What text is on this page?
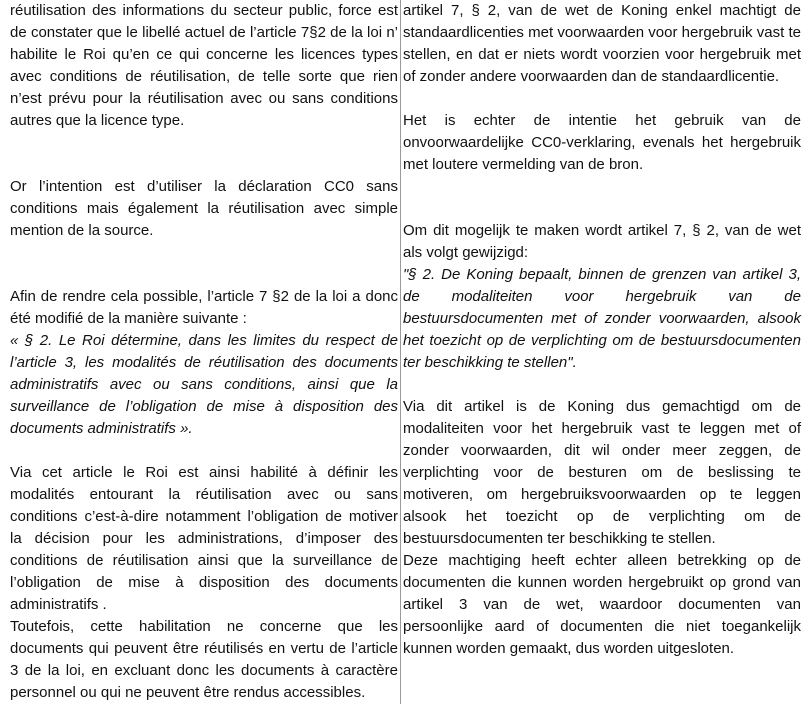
réutilisation des informations du secteur public, force est de constater que le libellé actuel de l’article 7§2 de la loi n’ habilite le Roi qu’en ce qui concerne les licences types avec conditions de réutilisation, de telle sorte que rien n’est prévu pour la réutilisation avec ou sans conditions autres que la licence type.

Or l’intention est d’utiliser la déclaration CC0 sans conditions mais également la réutilisation avec simple mention de la source.

Afin de rendre cela possible, l’article 7 §2 de la loi a donc été modifié de la manière suivante :

« § 2. Le Roi détermine, dans les limites du respect de l’article 3, les modalités de réutilisation des documents administratifs avec ou sans conditions, ainsi que la surveillance de l’obligation de mise à disposition des documents administratifs ».

Via cet article le Roi est ainsi habilité à définir les modalités entourant la réutilisation avec ou sans conditions c’est-à-dire notamment l’obligation de motiver la décision pour les administrations, d’imposer des conditions de réutilisation ainsi que la surveillance de l’obligation de mise à disposition des documents administratifs .

Toutefois, cette habilitation ne concerne que les documents qui peuvent être réutilisés en vertu de l’article 3 de la loi, en excluant donc les documents à caractère personnel ou qui ne peuvent être rendus accessibles.

artikel 7, § 2, van de wet de Koning enkel machtigt de standaardlicenties met voorwaarden voor hergebruik vast te stellen, en dat er niets wordt voorzien voor hergebruik met of zonder andere voorwaarden dan de standaardlicentie.

Het is echter de intentie het gebruik van de onvoorwaardelijke CC0-verklaring, evenals het hergebruik met loutere vermelding van de bron.

Om dit mogelijk te maken wordt artikel 7, § 2, van de wet als volgt gewijzigd:

"§ 2. De Koning bepaalt, binnen de grenzen van artikel 3, de modaliteiten voor hergebruik van de bestuursdocumenten met of zonder voorwaarden, alsook het toezicht op de verplichting om de bestuursdocumenten ter beschikking te stellen".

Via dit artikel is de Koning dus gemachtigd om de modaliteiten voor het hergebruik vast te leggen met of zonder voorwaarden, dit wil onder meer zeggen, de verplichting voor de besturen om de beslissing te motiveren, om hergebruiksvoorwaarden op te leggen alsook het toezicht op de verplichting om de bestuursdocumenten ter beschikking te stellen.

Deze machtiging heeft echter alleen betrekking op de documenten die kunnen worden hergebruikt op grond van artikel 3 van de wet, waardoor documenten van persoonlijke aard of documenten die niet toegankelijk kunnen worden gemaakt, dus worden uitgesloten.
